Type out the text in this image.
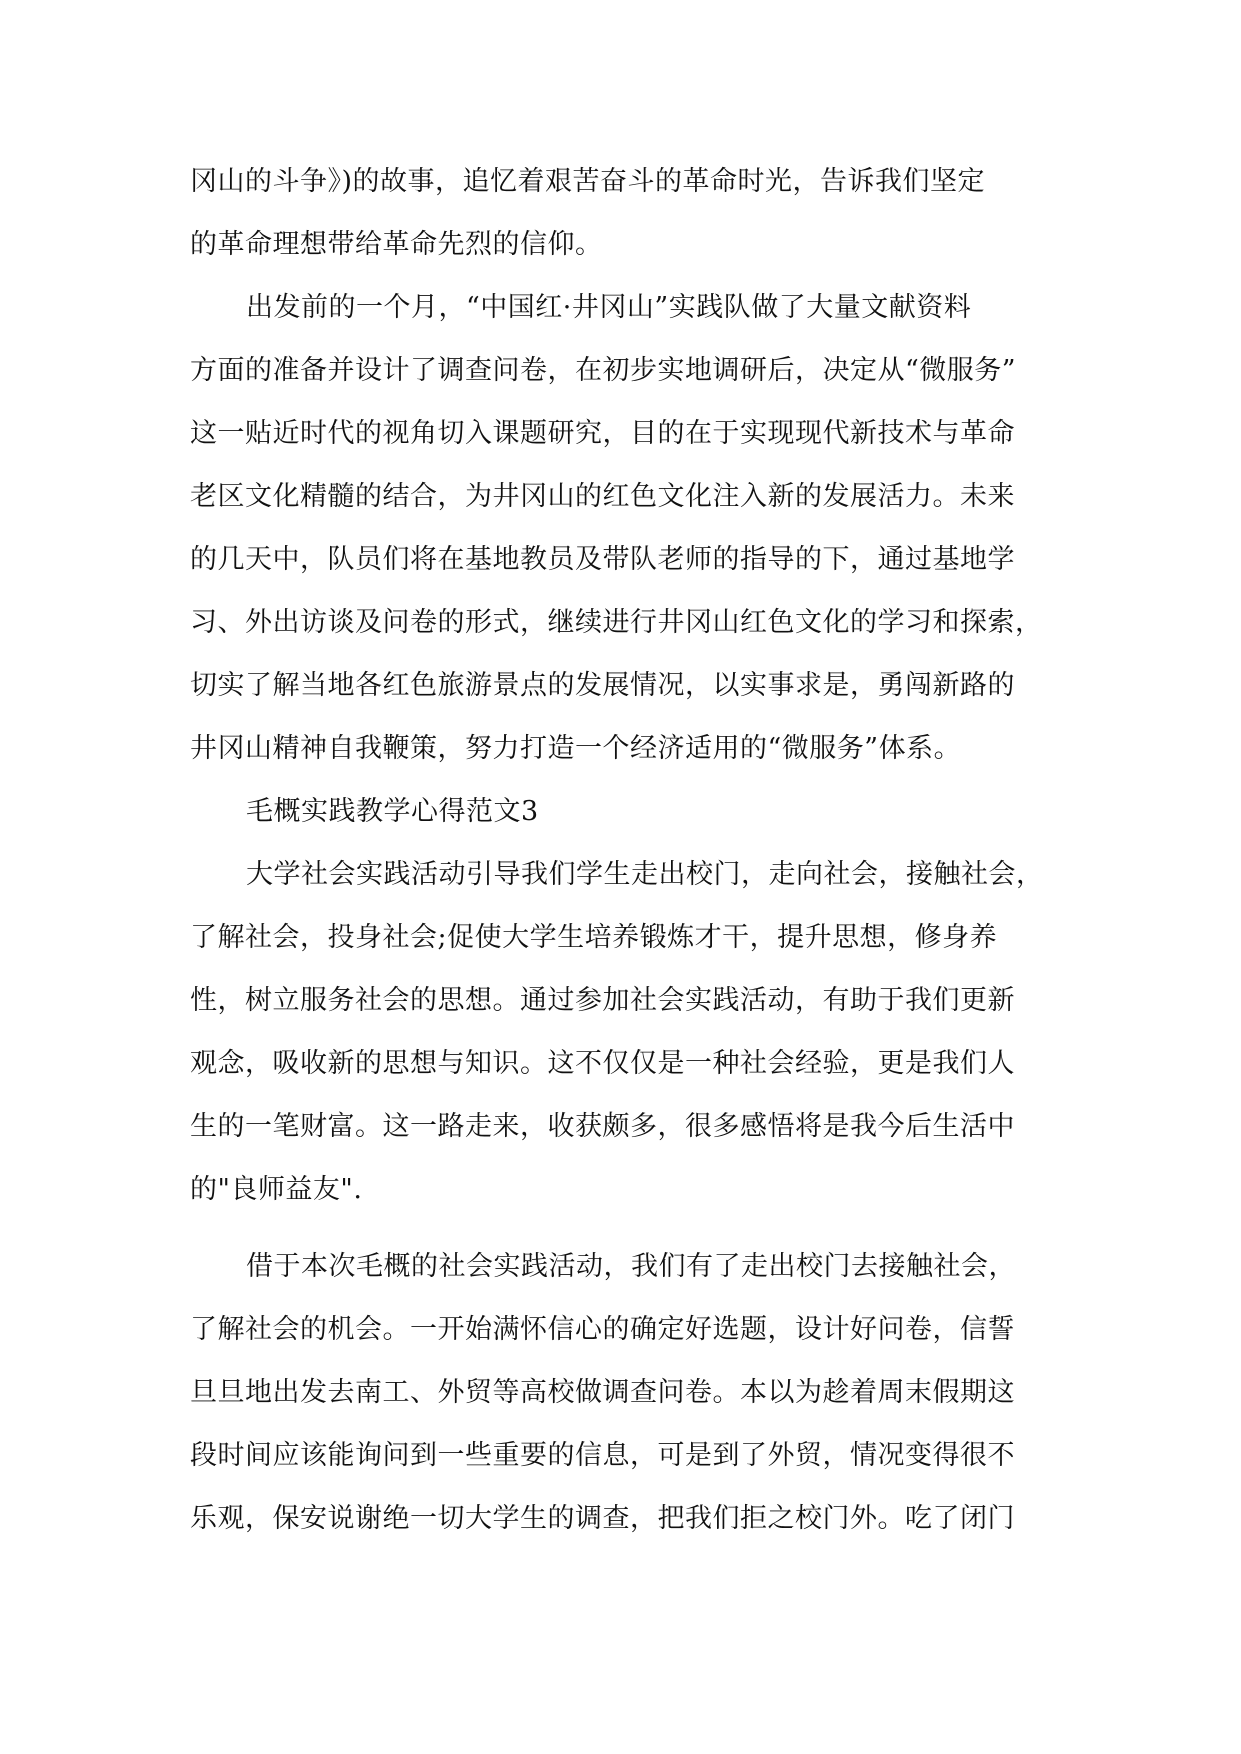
冈山的斗争》)的故事，追忆着艰苦奋斗的革命时光，告诉我们坚定
的革命理想带给革命先烈的信仰。
出发前的一个月，“中国红·井冈山”实践队做了大量文献资料
方面的准备并设计了调查问卷，在初步实地调研后，决定从“微服务”
这一贴近时代的视角切入课题研究，目的在于实现现代新技术与革命
老区文化精髓的结合，为井冈山的红色文化注入新的发展活力。未来
的几天中，队员们将在基地教员及带队老师的指导的下，通过基地学
习、外出访谈及问卷的形式，继续进行井冈山红色文化的学习和探索，
切实了解当地各红色旅游景点的发展情况，以实事求是，勇闯新路的
井冈山精神自我鞭策，努力打造一个经济适用的“微服务”体系。
毛概实践教学心得范文3
大学社会实践活动引导我们学生走出校门，走向社会，接触社会，
了解社会，投身社会;促使大学生培养锻炼才干，提升思想，修身养
性，树立服务社会的思想。通过参加社会实践活动，有助于我们更新
观念，吸收新的思想与知识。这不仅仅是一种社会经验，更是我们人
生的一笔财富。这一路走来，收获颇多，很多感悟将是我今后生活中
的"良师益友".
借于本次毛概的社会实践活动，我们有了走出校门去接触社会，
了解社会的机会。一开始满怀信心的确定好选题，设计好问卷，信誓
旦旦地出发去南工、外贸等高校做调查问卷。本以为趁着周末假期这
段时间应该能询问到一些重要的信息，可是到了外贸，情况变得很不
乐观，保安说谢绝一切大学生的调查，把我们拒之校门外。吃了闭门
